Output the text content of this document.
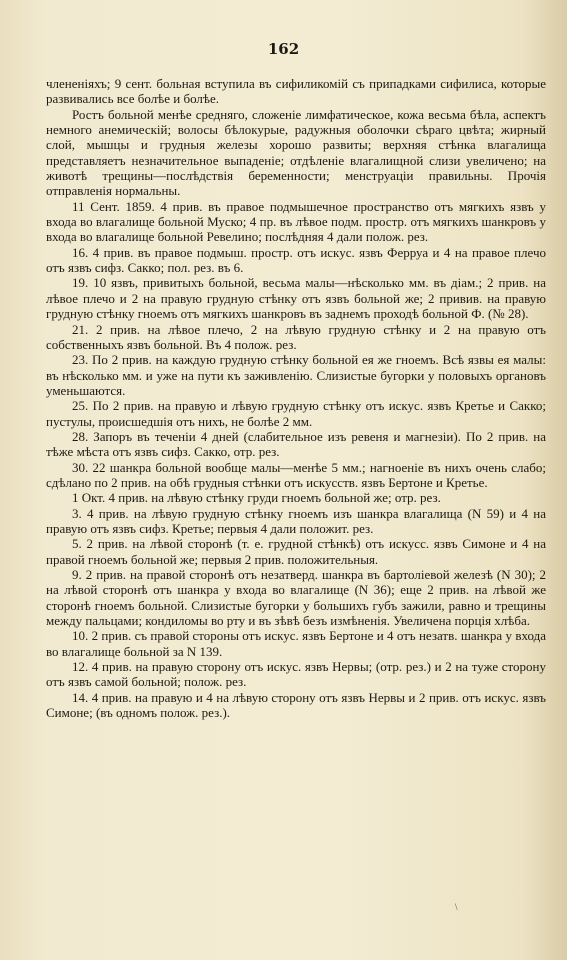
162

члененіяхъ; 9 сент. больная вступила въ сифиликомій съ припадками сифилиса, которые развивались все болѣе и болѣе.

Ростъ больной менѣе средняго, сложеніе лимфатическое, кожа весьма бѣла, аспектъ немного анемическій; волосы бѣлокурые, радужныя оболочки сѣраго цвѣта; жирный слой, мышцы и грудныя железы хорошо развиты; верхняя стѣнка влагалища представляетъ незначительное выпаденіе; отдѣленіе влагалищной слизи увеличено; на животѣ трещины—послѣдствія беременности; менструаціи правильны. Прочія отправленія нормальны.

11 Сент. 1859. 4 прив. въ правое подмышечное пространство отъ мягкихъ язвъ у входа во влагалище больной Муско; 4 пр. въ лѣвое подм. простр. отъ мягкихъ шанкровъ у входа во влагалище больной Ревелино; послѣдняя 4 дали полож. рез.

16. 4 прив. въ правое подмыш. простр. отъ искус. язвъ Ферруа и 4 на правое плечо отъ язвъ сифз. Сакко; пол. рез. въ 6.

19. 10 язвъ, привитыхъ больной, весьма малы—нѣсколько мм. въ діам.; 2 прив. на лѣвое плечо и 2 на правую грудную стѣнку отъ язвъ больной же; 2 привив. на правую грудную стѣнку гноемъ отъ мягкихъ шанкровъ въ заднемъ проходѣ больной Ф. (№ 28).

21. 2 прив. на лѣвое плечо, 2 на лѣвую грудную стѣнку и 2 на правую отъ собственныхъ язвъ больной. Въ 4 полож. рез.

23. По 2 прив. на каждую грудную стѣнку больной ея же гноемъ. Всѣ язвы ея малы: въ нѣсколько мм. и уже на пути къ заживленію. Слизистые бугорки у половыхъ органовъ уменьшаются.

25. По 2 прив. на правую и лѣвую грудную стѣнку отъ искус. язвъ Кретье и Сакко; пустулы, происшедшія отъ нихъ, не болѣе 2 мм.

28. Запоръ въ теченіи 4 дней (слабительное изъ ревеня и магнезіи). По 2 прив. на тѣже мѣста отъ язвъ сифз. Сакко, отр. рез.

30. 22 шанкра больной вообще малы—менѣе 5 мм.; нагноеніе въ нихъ очень слабо; сдѣлано по 2 прив. на обѣ грудныя стѣнки отъ искусств. язвъ Бертоне и Кретье.

1 Окт. 4 прив. на лѣвую стѣнку груди гноемъ больной же; отр. рез.

3. 4 прив. на лѣвую грудную стѣнку гноемъ изъ шанкра влагалища (N 59) и 4 на правую отъ язвъ сифз. Кретье; первыя 4 дали положит. рез.

5. 2 прив. на лѣвой сторонѣ (т. е. грудной стѣнкѣ) отъ искусс. язвъ Симоне и 4 на правой гноемъ больной же; первыя 2 прив. положительныя.

9. 2 прив. на правой сторонѣ отъ незатверд. шанкра въ бартоліевой железѣ (N 30); 2 на лѣвой сторонѣ отъ шанкра у входа во влагалище (N 36); еще 2 прив. на лѣвой же сторонѣ гноемъ больной. Слизистые бугорки у большихъ губъ зажили, равно и трещины между пальцами; кондиломы во рту и въ зѣвѣ безъ измѣненія. Увеличена порція хлѣба.

10. 2 прив. съ правой стороны отъ искус. язвъ Бертоне и 4 отъ незатв. шанкра у входа во влагалище больной за N 139.

12. 4 прив. на правую сторону отъ искус. язвъ Нервы; (отр. рез.) и 2 на туже сторону отъ язвъ самой больной; полож. рез.

14. 4 прив. на правую и 4 на лѣвую сторону отъ язвъ Нервы и 2 прив. отъ искус. язвъ Симоне; (въ одномъ полож. рез.).

\
